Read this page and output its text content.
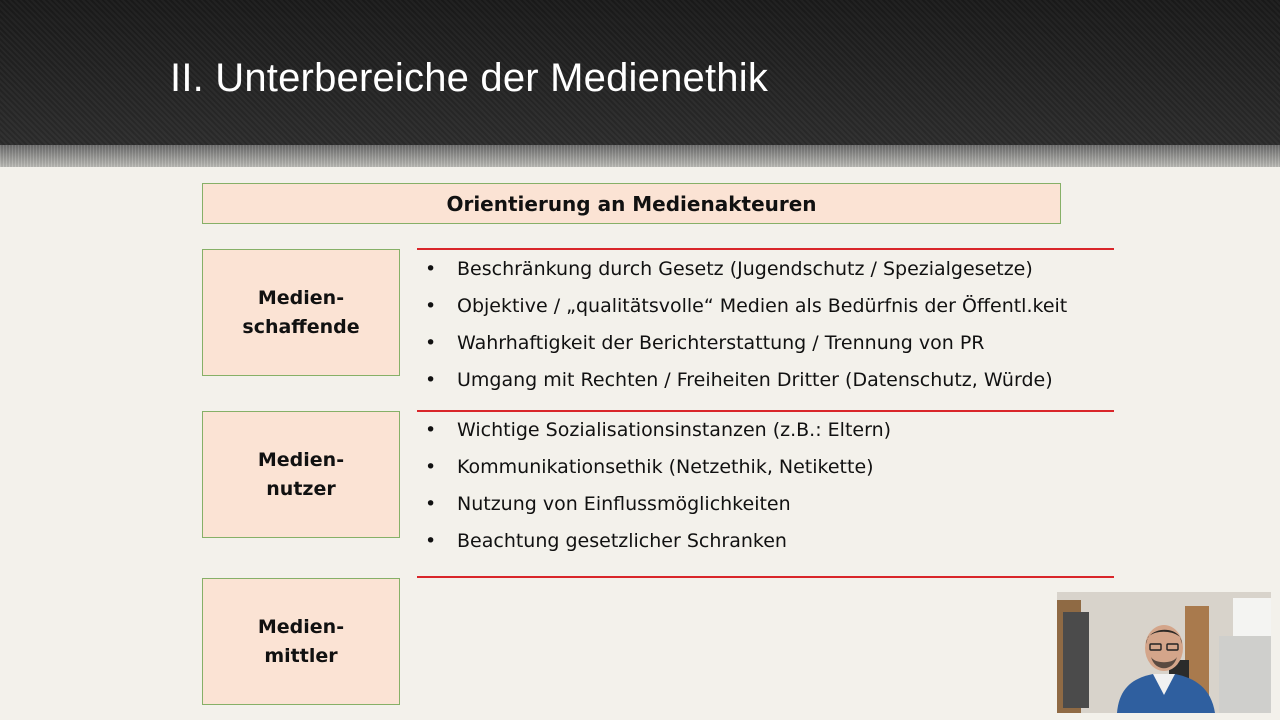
II. Unterbereiche der Medienethik
Orientierung an Medienakteuren
Medien-
schaffende
•	Beschränkung durch Gesetz (Jugendschutz / Spezialgesetze)
•	Objektive / „qualitätsvolle“ Medien als Bedürfnis der Öffentl.keit
•	Wahrhaftigkeit der Berichterstattung / Trennung von PR
•	Umgang mit Rechten / Freiheiten Dritter (Datenschutz, Würde)
Medien-
nutzer
•	Wichtige Sozialisationsinstanzen (z.B.: Eltern)
•	Kommunikationsethik (Netzethik, Netikette)
•	Nutzung von Einflussmöglichkeiten
•	Beachtung gesetzlicher Schranken
Medien-
mittler
